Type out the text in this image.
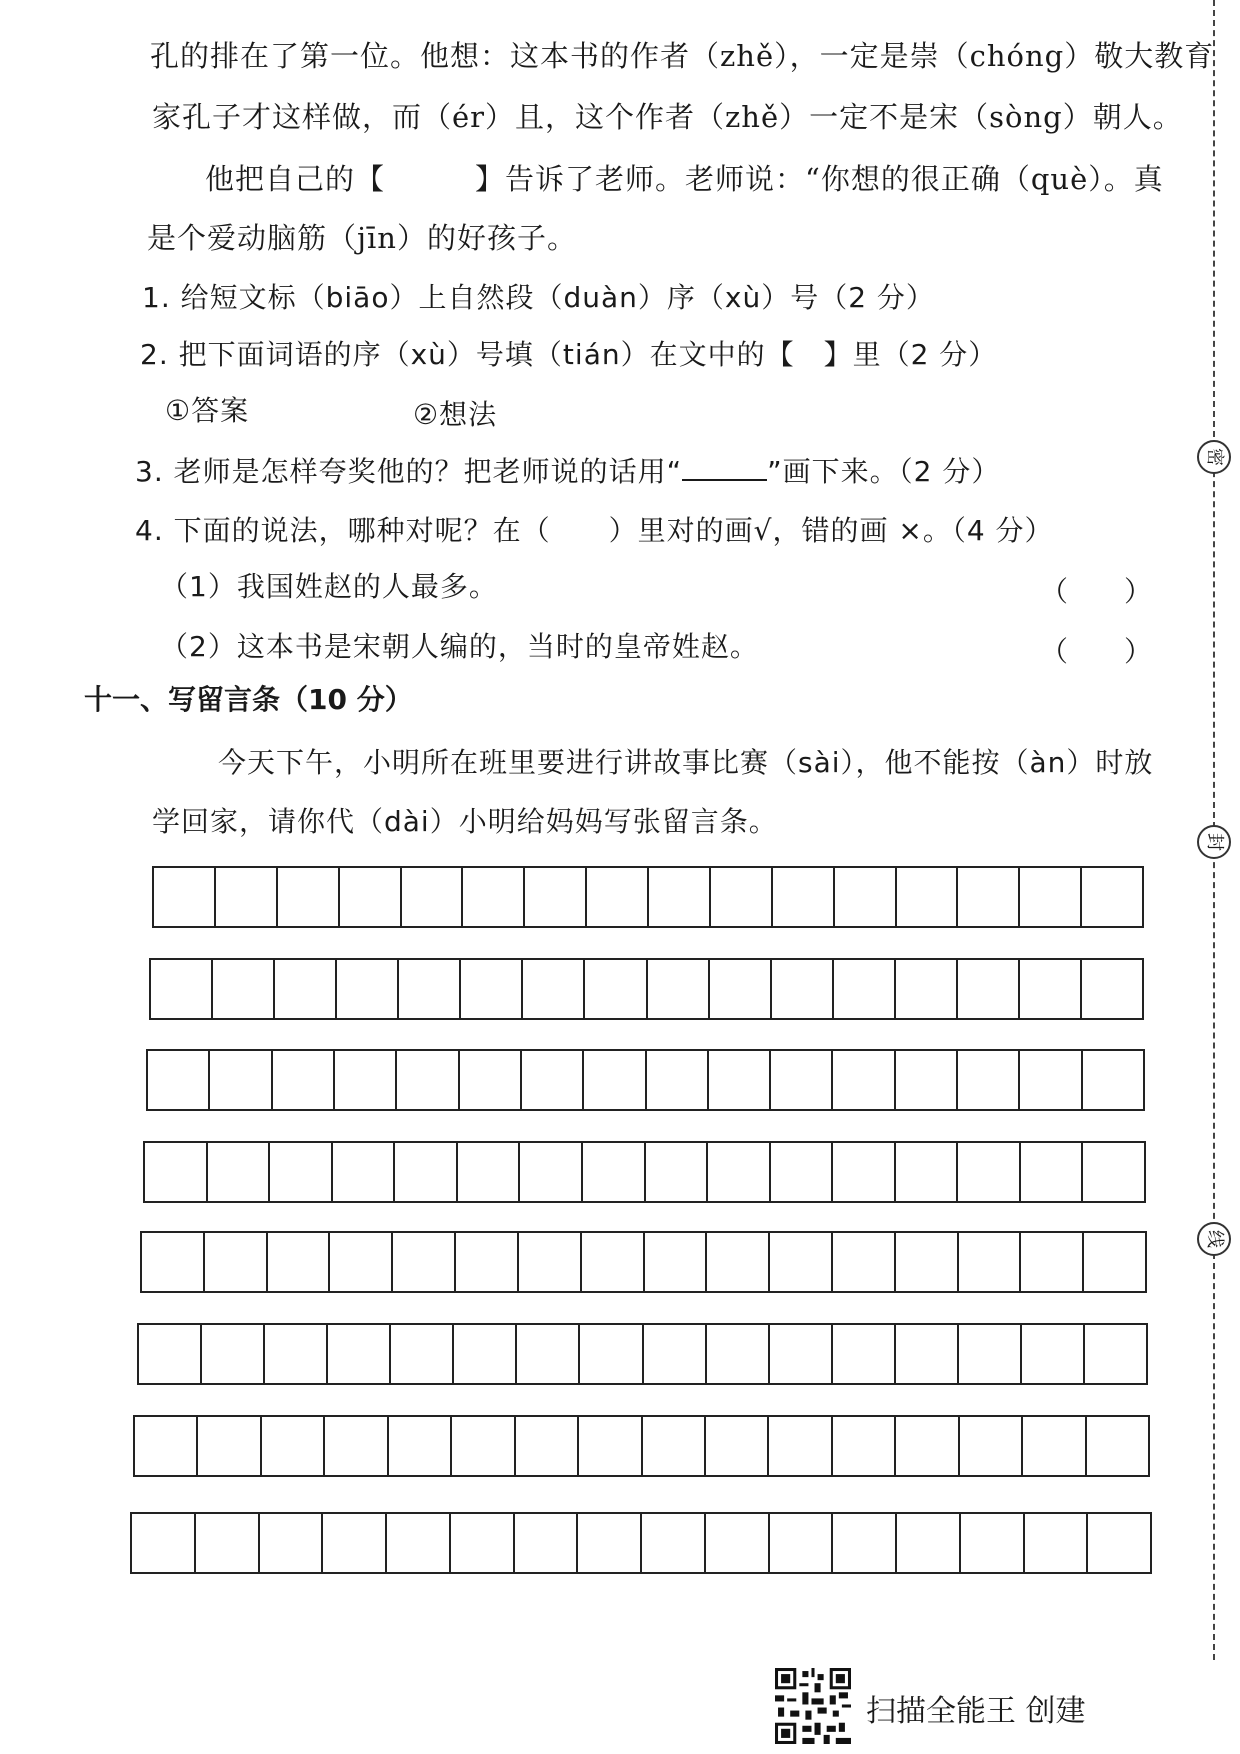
密
封
线
孔的排在了第一位。他想：这本书的作者（zhě），一定是崇（chóng）敬大教育
家孔子才这样做，而（ér）且，这个作者（zhě）一定不是宋（sòng）朝人。
他把自己的【　　　】告诉了老师。老师说：“你想的很正确（què）。真
是个爱动脑筋（jīn）的好孩子。
1. 给短文标（biāo）上自然段（duàn）序（xù）号（2 分）
2. 把下面词语的序（xù）号填（tián）在文中的【　】里（2 分）
①答案	②想法
3. 老师是怎样夸奖他的？把老师说的话用“	”画下来。（2 分）
4. 下面的说法，哪种对呢？在（　　）里对的画√，错的画 ×。（4 分）
（1）我国姓赵的人最多。	（　　）
（2）这本书是宋朝人编的，当时的皇帝姓赵。	（　　）
十一、写留言条（10 分）
今天下午，小明所在班里要进行讲故事比赛（sài），他不能按（àn）时放
学回家，请你代（dài）小明给妈妈写张留言条。
扫描全能王 创建
